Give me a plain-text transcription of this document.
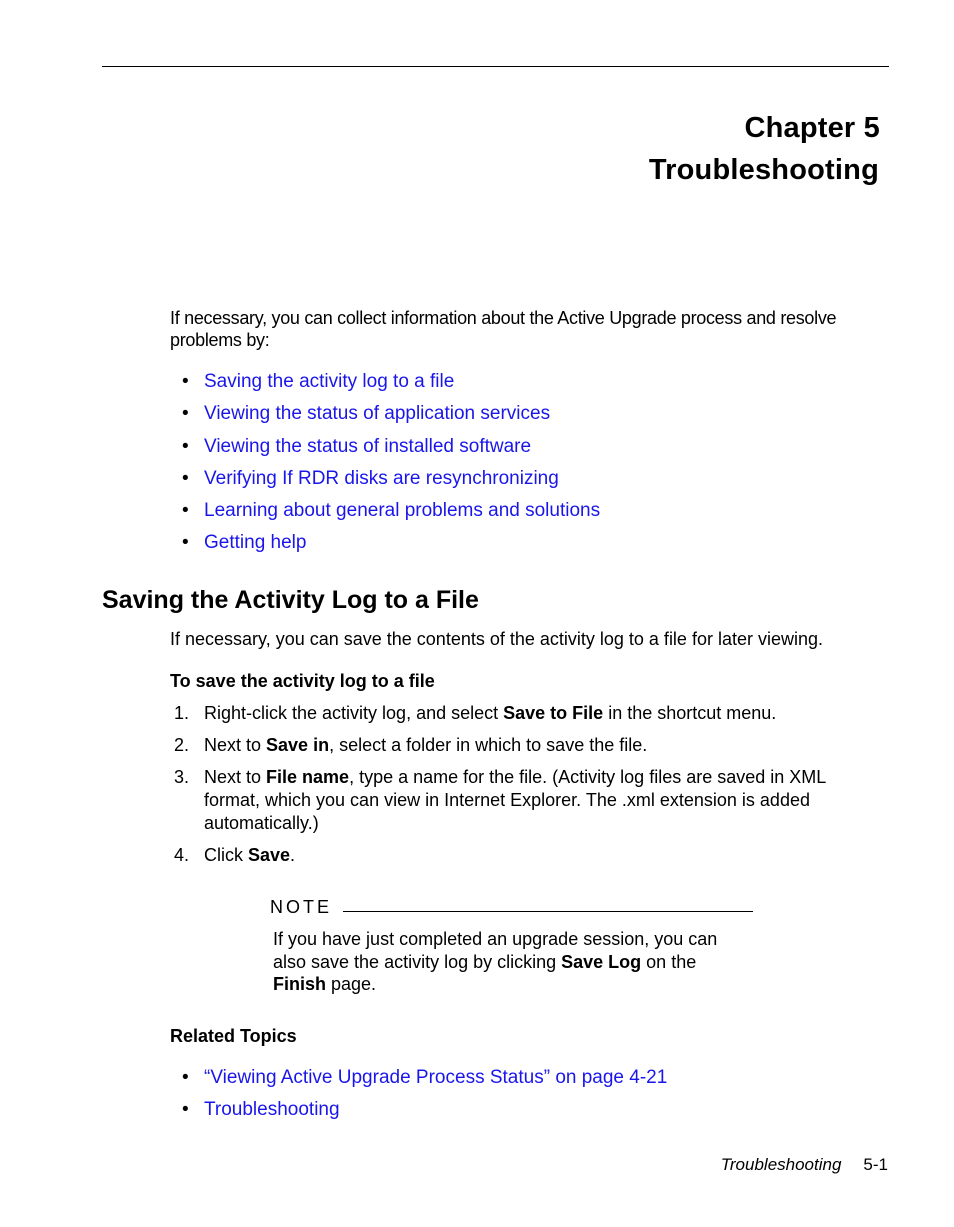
Chapter 5
Troubleshooting
If necessary, you can collect information about the Active Upgrade process and resolve problems by:
• Saving the activity log to a file
• Viewing the status of application services
• Viewing the status of installed software
• Verifying If RDR disks are resynchronizing
• Learning about general problems and solutions
• Getting help
Saving the Activity Log to a File
If necessary, you can save the contents of the activity log to a file for later viewing.
To save the activity log to a file
1. Right-click the activity log, and select Save to File in the shortcut menu.
2. Next to Save in, select a folder in which to save the file.
3. Next to File name, type a name for the file. (Activity log files are saved in XML format, which you can view in Internet Explorer. The .xml extension is added automatically.)
4. Click Save.
NOTE
If you have just completed an upgrade session, you can also save the activity log by clicking Save Log on the Finish page.
Related Topics
• “Viewing Active Upgrade Process Status” on page 4-21
• Troubleshooting
Troubleshooting 5-1
